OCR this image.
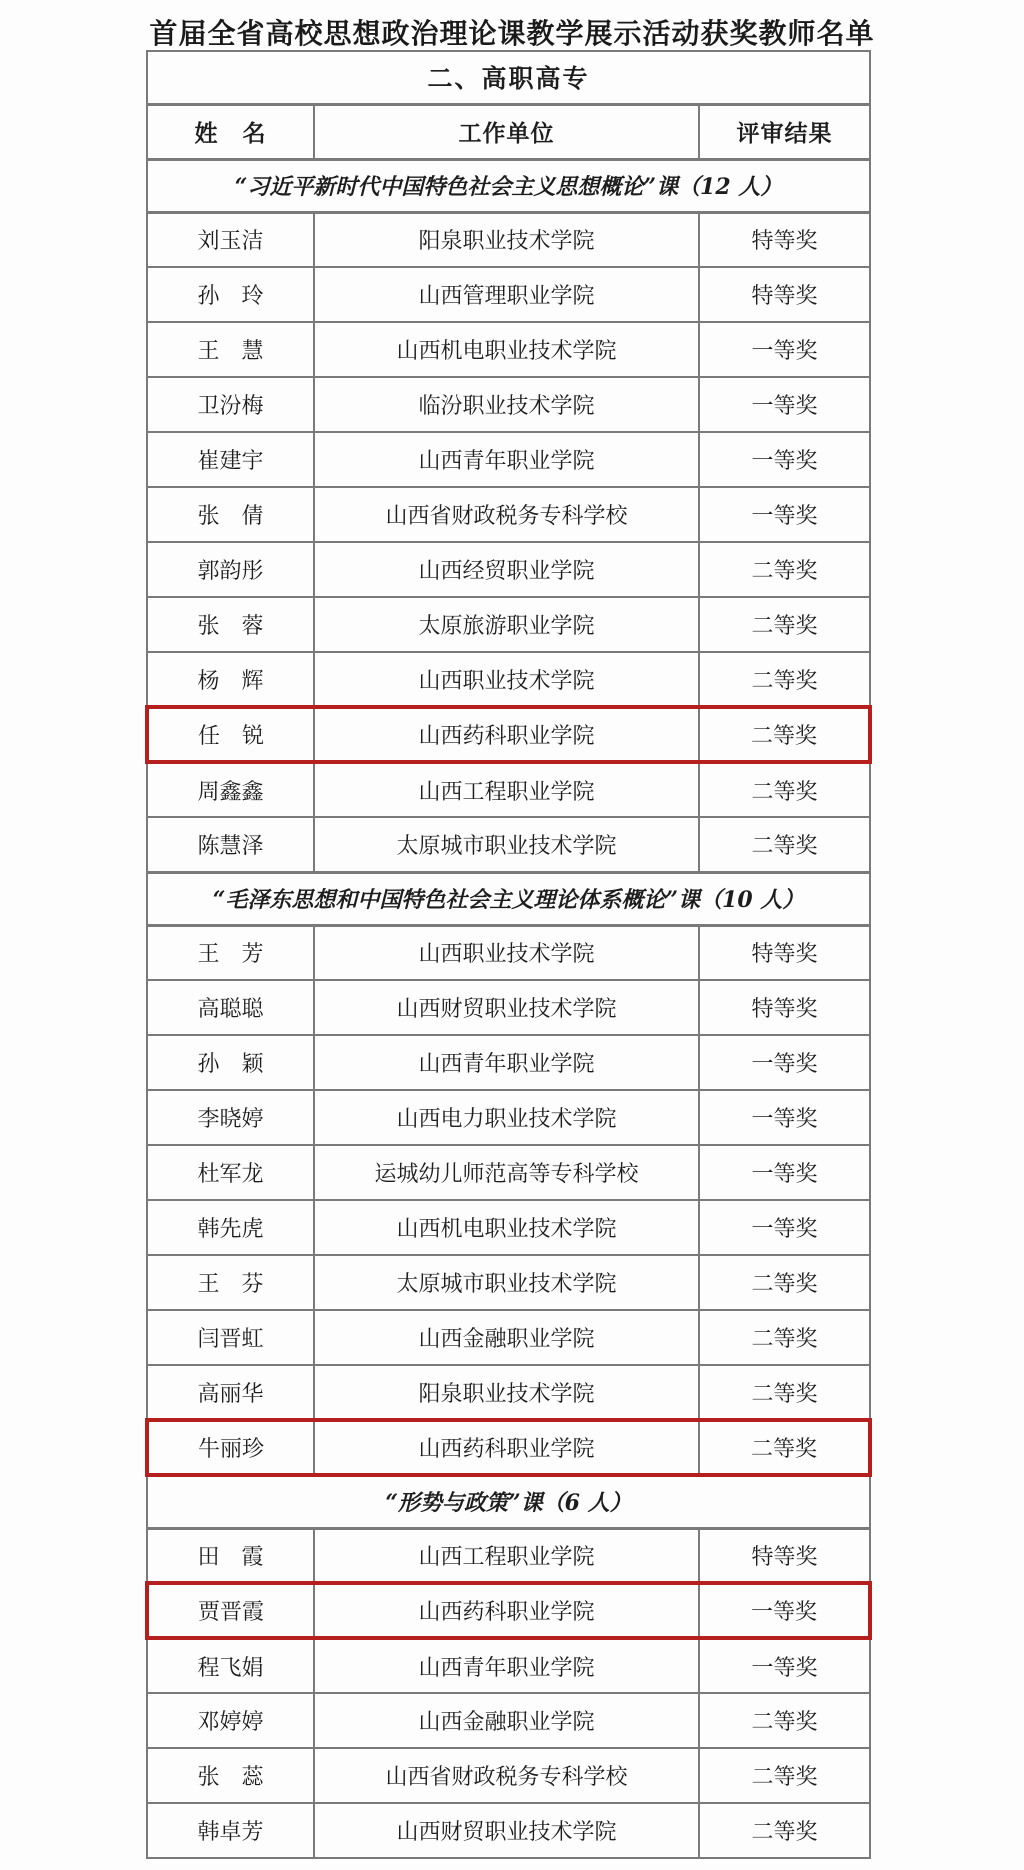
首届全省高校思想政治理论课教学展示活动获奖教师名单
二、高职高专		
姓　名	工作单位	评审结果
“习近平新时代中国特色社会主义思想概论”课（12 人）		
刘玉洁	阳泉职业技术学院	特等奖
孙　玲	山西管理职业学院	特等奖
王　慧	山西机电职业技术学院	一等奖
卫汾梅	临汾职业技术学院	一等奖
崔建宇	山西青年职业学院	一等奖
张　倩	山西省财政税务专科学校	一等奖
郭韵彤	山西经贸职业学院	二等奖
张　蓉	太原旅游职业学院	二等奖
杨　辉	山西职业技术学院	二等奖
任　锐	山西药科职业学院	二等奖
周鑫鑫	山西工程职业学院	二等奖
陈慧泽	太原城市职业技术学院	二等奖
“毛泽东思想和中国特色社会主义理论体系概论”课（10 人）		
王　芳	山西职业技术学院	特等奖
高聪聪	山西财贸职业技术学院	特等奖
孙　颖	山西青年职业学院	一等奖
李晓婷	山西电力职业技术学院	一等奖
杜军龙	运城幼儿师范高等专科学校	一等奖
韩先虎	山西机电职业技术学院	一等奖
王　芬	太原城市职业技术学院	二等奖
闫晋虹	山西金融职业学院	二等奖
高丽华	阳泉职业技术学院	二等奖
牛丽珍	山西药科职业学院	二等奖
“形势与政策”课（6 人）		
田　霞	山西工程职业学院	特等奖
贾晋霞	山西药科职业学院	一等奖
程飞娟	山西青年职业学院	一等奖
邓婷婷	山西金融职业学院	二等奖
张　蕊	山西省财政税务专科学校	二等奖
韩卓芳	山西财贸职业技术学院	二等奖
